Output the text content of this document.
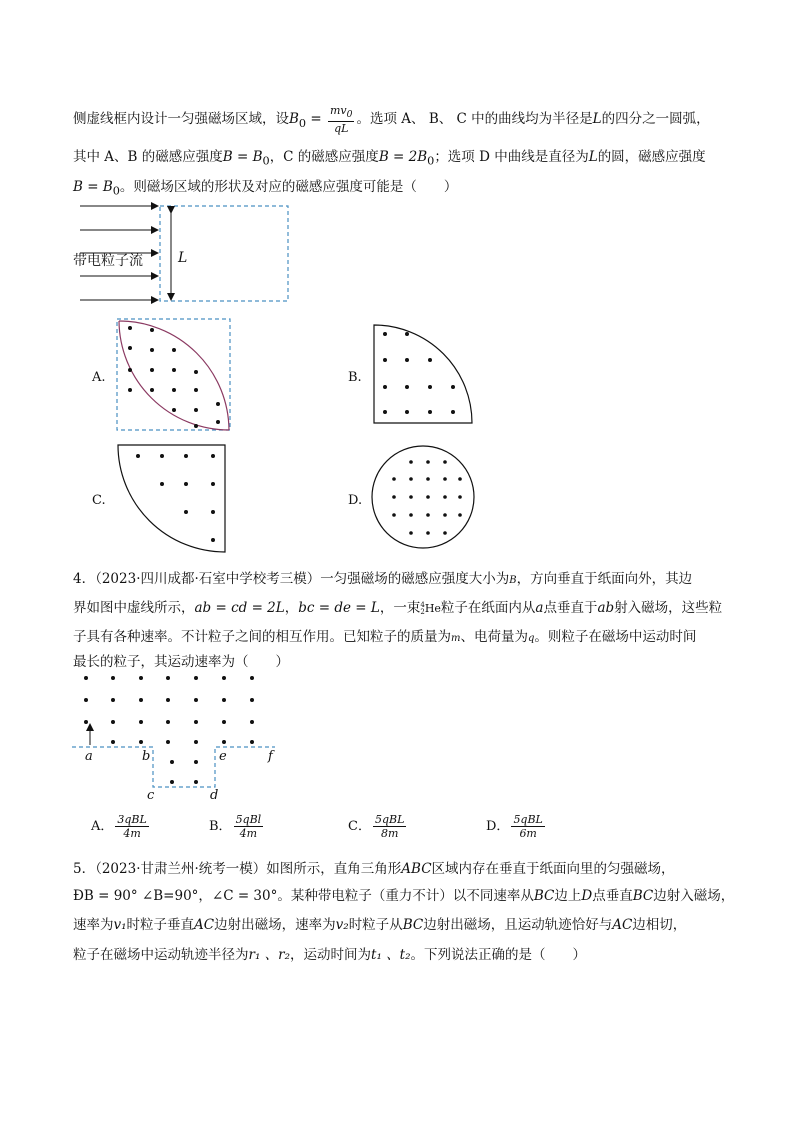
侧虚线框内设计一匀强磁场区域，设$B_0 = \frac{mv_0}{qL}$ 。选项 A、 B、 C 中的曲线均为半径是L的四分之一圆弧，
其中 A、B 的磁感应强度$B = B_0$，C 的磁感应强度$B = 2B_0$；选项 D 中曲线是直径为L的圆，磁感应强度
$B = B_0$。则磁场区域的形状及对应的磁感应强度可能是（　　）
A.	B.
C.	D.
带电粒子流	L
4．（2023·四川成都·石室中学校考三模）一匀强磁场的磁感应强度大小为B，方向垂直于纸面向外，其边
界如图中虚线所示，ab = cd = 2L，bc = de = L，一束4
2He粒子在纸面内从a点垂直于ab射入磁场，这些粒
子具有各种速率。不计粒子之间的相互作用。已知粒子的质量为m、电荷量为q。则粒子在磁场中运动时间
最长的粒子，其运动速率为（　　）
a	b
c	d
e	f
A． $\frac{\text{3qBL}}{4m}$	B． $\frac{\text{5qBl}}{4m}$	C． $\frac{\text{5qBL}}{8m}$	D． $\frac{\text{5qBL}}{6m}$
5．（2023·甘肃兰州·统考一模）如图所示，直角三角形ABC区域内存在垂直于纸面向里的匀强磁场，
ÐB = 90° ∠B=90°，∠C = 30°。某种带电粒子（重力不计）以不同速率从BC边上D点垂直BC边射入磁场，
速率为v₁时粒子垂直AC边射出磁场，速率为v₂时粒子从BC边射出磁场，且运动轨迹恰好与AC边相切，
粒子在磁场中运动轨迹半径为r₁ 、r₂，运动时间为t₁ 、t₂。下列说法正确的是（　　）
